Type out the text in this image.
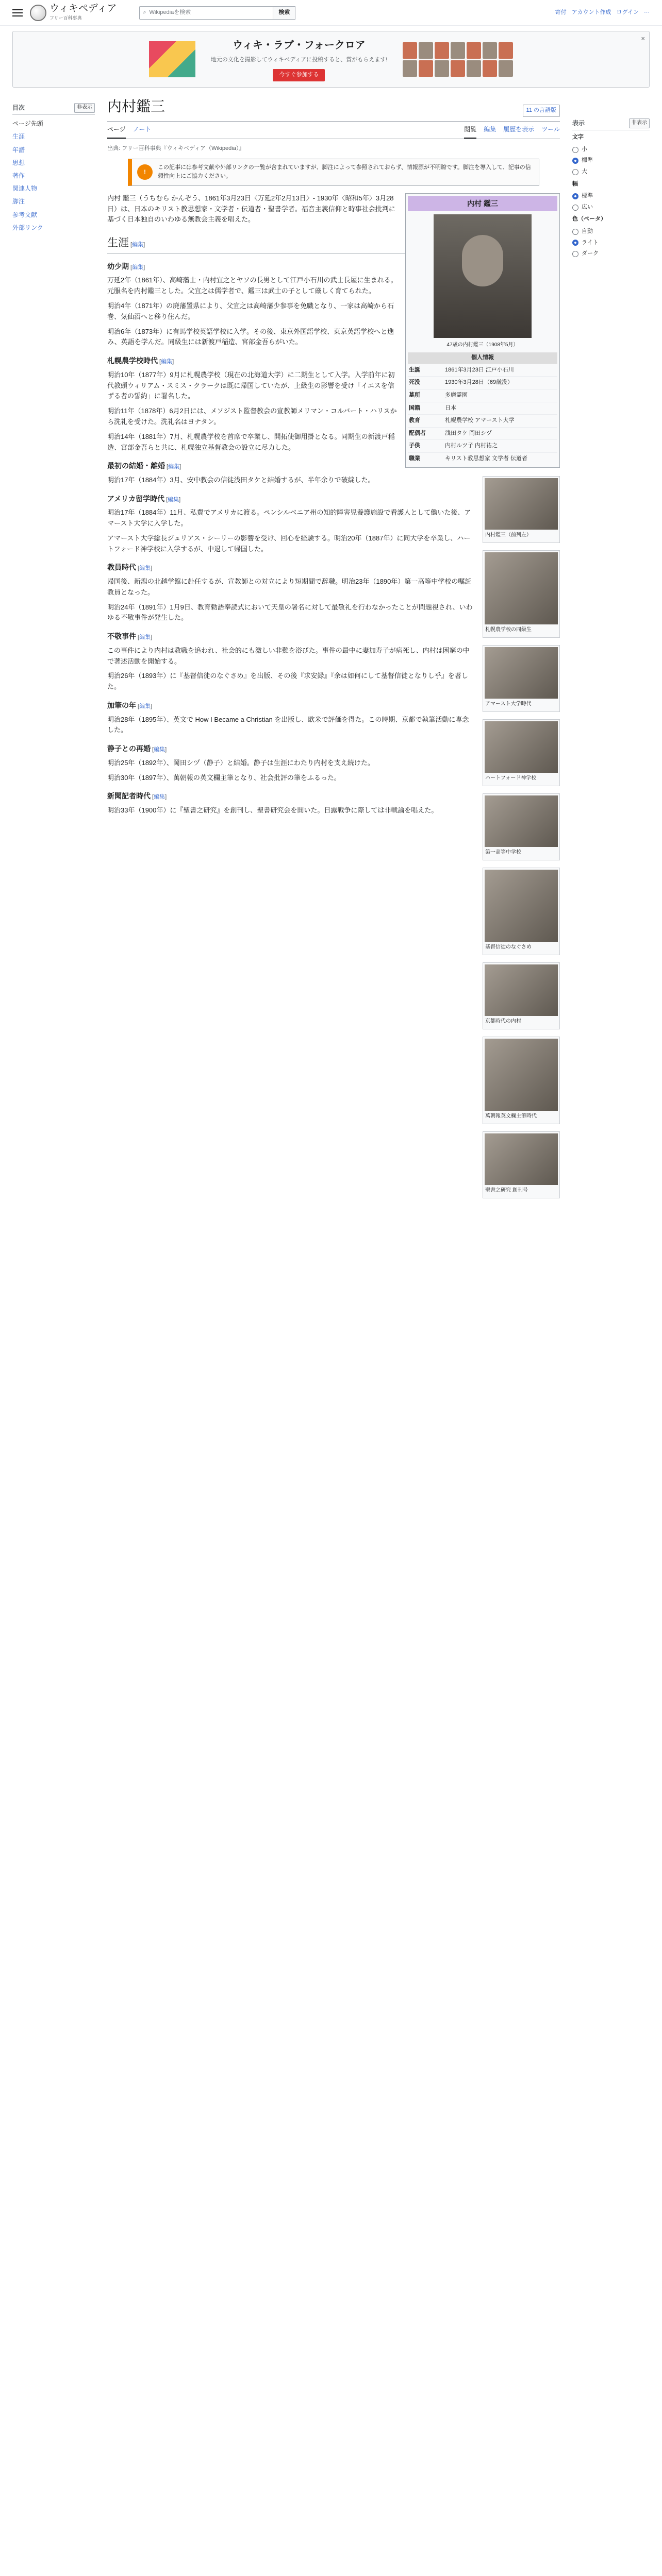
ウィキペディア
フリー百科事典
⌕ Wikipediaを検索	検索	寄付 アカウント作成 ログイン ⋯
ウィキ・ラブ・フォークロア
地元の文化を撮影してウィキペディアに投稿すると、賞がもらえます!
今すぐ参加する
×
目次	非表示
ページ先頭
生涯
年譜
思想
著作
関連人物
脚注
参考文献
外部リンク
内村鑑三	11 の言語版
ページ ノート	閲覧 編集 履歴を表示 ツール
出典: フリー百科事典『ウィキペディア（Wikipedia）』
!
この記事には参考文献や外部リンクの一覧が含まれていますが、脚注によって参照されておらず、情報源が不明瞭です。脚注を導入して、記事の信頼性向上にご協力ください。
内村 鑑三
47歳の内村鑑三（1908年5月）
個人情報
生誕	1861年3月23日 江戸小石川
死没	1930年3月28日（69歳没）
墓所	多磨霊園
国籍	日本
教育	札幌農学校 アマースト大学
配偶者	浅田タケ 岡田シヅ
子供	内村ルツ子 内村祐之
職業	キリスト教思想家 文学者 伝道者

内村 鑑三（うちむら かんぞう、1861年3月23日〈万延2年2月13日〉- 1930年〈昭和5年〉3月28日）は、日本のキリスト教思想家・文学者・伝道者・聖書学者。福音主義信仰と時事社会批判に基づく日本独自のいわゆる無教会主義を唱えた。

生涯 [編集]
幼少期 [編集]

万延2年（1861年）、高崎藩士・内村宜之とヤソの長男として江戸小石川の武士長屋に生まれる。元服名を内村鑑三とした。父宜之は儒学者で、鑑三は武士の子として厳しく育てられた。

明治4年（1871年）の廃藩置県により、父宜之は高崎藩少参事を免職となり、一家は高崎から石巻、気仙沼へと移り住んだ。

明治6年（1873年）に有馬学校英語学校に入学。その後、東京外国語学校、東京英語学校へと進み、英語を学んだ。同級生には新渡戸稲造、宮部金吾らがいた。

札幌農学校時代 [編集]
内村鑑三（前列左）

明治10年（1877年）9月に札幌農学校（現在の北海道大学）に二期生として入学。入学前年に初代教頭ウィリアム・スミス・クラークは既に帰国していたが、上級生の影響を受け「イエスを信ずる者の誓約」に署名した。

明治11年（1878年）6月2日には、メソジスト監督教会の宣教師メリマン・コルバート・ハリスから洗礼を受けた。洗礼名はヨナタン。

札幌農学校の同級生

明治14年（1881年）7月、札幌農学校を首席で卒業し、開拓使御用掛となる。同期生の新渡戸稲造、宮部金吾らと共に、札幌独立基督教会の設立に尽力した。

最初の結婚・離婚 [編集]

明治17年（1884年）3月、安中教会の信徒浅田タケと結婚するが、半年余りで破綻した。

アメリカ留学時代 [編集]
アマースト大学時代

明治17年（1884年）11月、私費でアメリカに渡る。ペンシルベニア州の知的障害児養護施設で看護人として働いた後、アマースト大学に入学した。

アマースト大学総長ジュリアス・シーリーの影響を受け、回心を経験する。明治20年（1887年）に同大学を卒業し、ハートフォード神学校に入学するが、中退して帰国した。

ハートフォード神学校
教員時代 [編集]

帰国後、新潟の北越学館に赴任するが、宣教師との対立により短期間で辞職。明治23年（1890年）第一高等中学校の嘱託教員となった。

明治24年（1891年）1月9日、教育勅語奉読式において天皇の署名に対して最敬礼を行わなかったことが問題視され、いわゆる不敬事件が発生した。

第一高等中学校
不敬事件 [編集]

この事件により内村は教職を追われ、社会的にも激しい非難を浴びた。事件の最中に妻加寿子が病死し、内村は困窮の中で著述活動を開始する。

基督信徒のなぐさめ

明治26年（1893年）に『基督信徒のなぐさめ』を出版、その後『求安録』『余は如何にして基督信徒となりし乎』を著した。

加筆の年 [編集]

明治28年（1895年）、英文で How I Became a Christian を出版し、欧米で評価を得た。この時期、京都で執筆活動に専念した。

京都時代の内村
静子との再婚 [編集]

明治25年（1892年）、岡田シヅ（静子）と結婚。静子は生涯にわたり内村を支え続けた。

明治30年（1897年）、萬朝報の英文欄主筆となり、社会批評の筆をふるった。

萬朝報英文欄主筆時代
新聞記者時代 [編集]

明治33年（1900年）に『聖書之研究』を創刊し、聖書研究会を開いた。日露戦争に際しては非戦論を唱えた。

聖書之研究 創刊号
表示	非表示
文字
小
標準
大
幅
標準
広い
色（ベータ）
自動
ライト
ダーク
